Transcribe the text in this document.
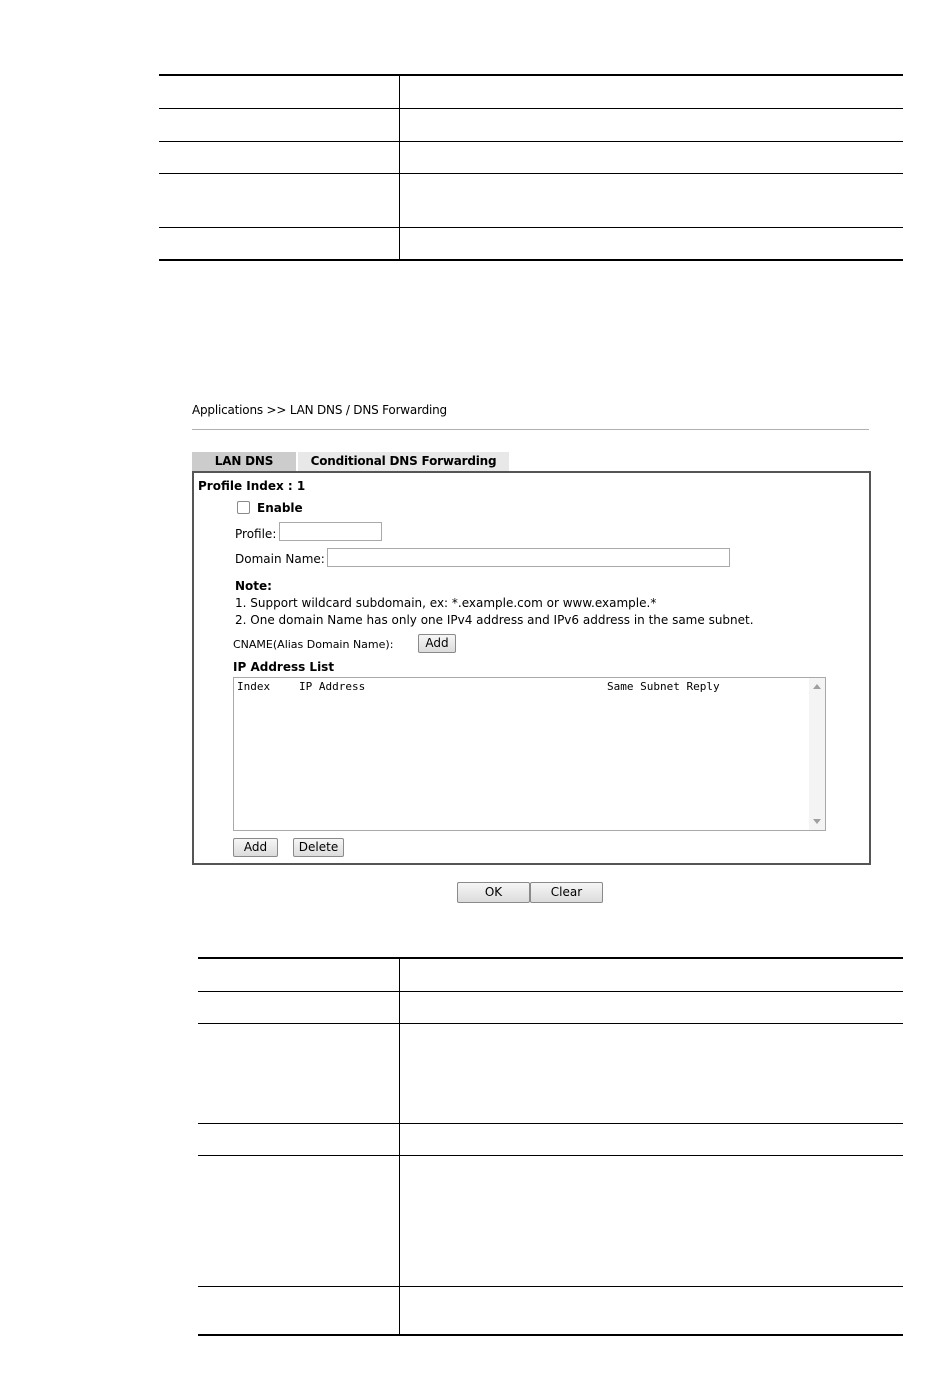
Applications >> LAN DNS / DNS Forwarding
LAN DNS	Conditional DNS Forwarding
Profile Index : 1
Enable
Profile:
Domain Name:
Note:
1. Support wildcard subdomain, ex: *.example.com or www.example.*
2. One domain Name has only one IPv4 address and IPv6 address in the same subnet.
CNAME(Alias Domain Name):	Add
IP Address List
Index	IP Address	Same Subnet Reply
Add	Delete
OK	Clear
